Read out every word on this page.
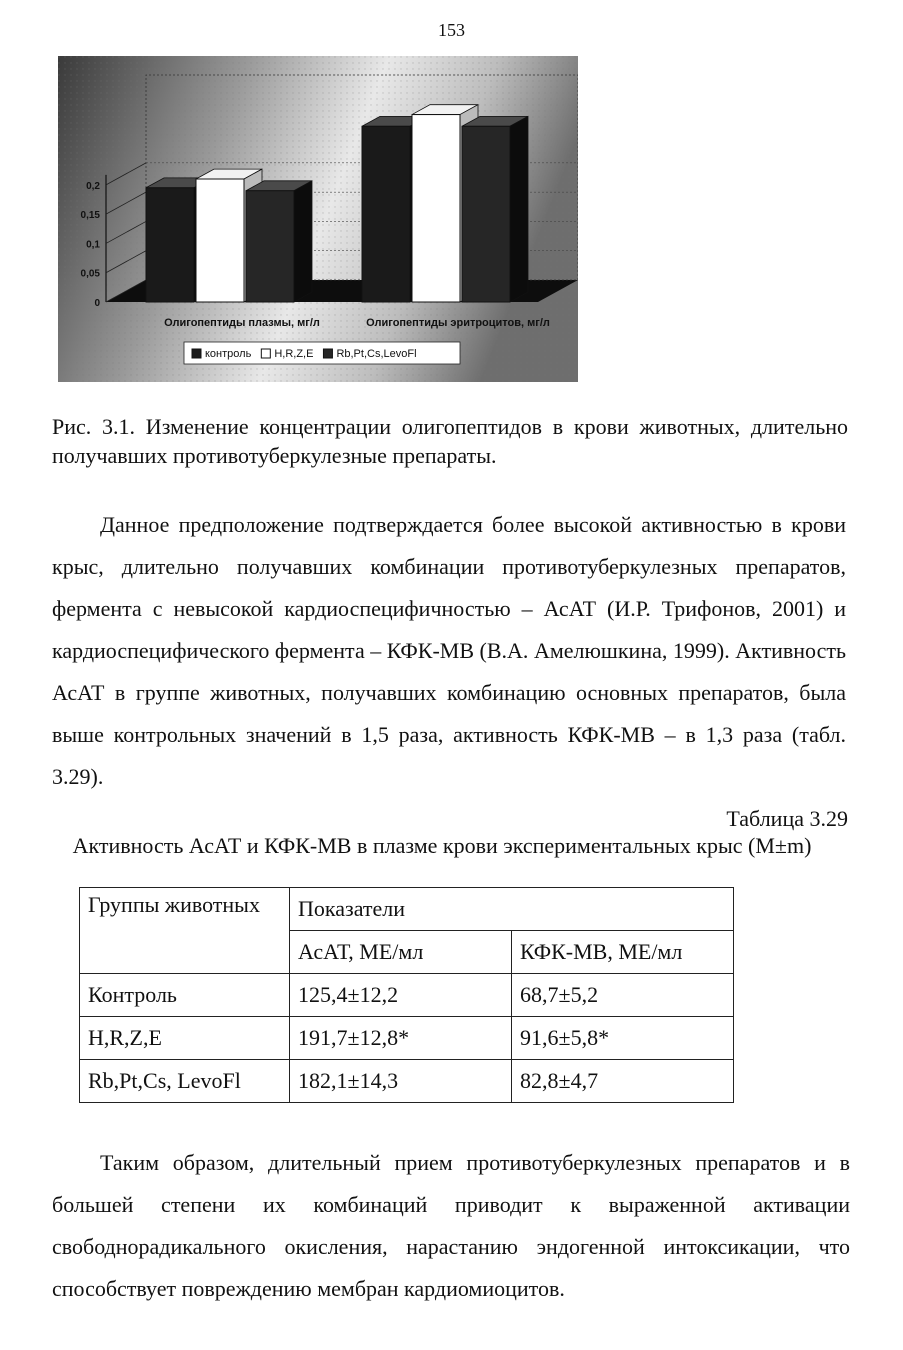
153
0
0,05
0,1
0,15
0,2
Олигопептиды плазмы, мг/л	Олигопептиды эритроцитов, мг/л
контроль H,R,Z,E Rb,Pt,Cs,LevoFl
Рис. 3.1. Изменение концентрации олигопептидов в крови животных, длительно получавших противотуберкулезные препараты.
Данное предположение подтверждается более высокой активностью в крови крыс, длительно получавших комбинации противотуберкулезных препаратов, фермента с невысокой кардиоспецифичностью – АсАТ (И.Р. Трифонов, 2001) и кардиоспецифического фермента – КФК-МВ (В.А. Амелюшкина, 1999). Активность АсАТ в группе животных, получавших комбинацию основных препаратов, была выше контрольных значений в 1,5 раза, активность КФК-МВ – в 1,3 раза (табл. 3.29).
Таблица 3.29
Активность АсАТ и КФК-МВ в плазме крови экспериментальных крыс (М±m)
Группы животных	Показатели	
	АсАТ, МЕ/мл	КФК-МВ, МЕ/мл
Контроль	125,4±12,2	68,7±5,2
H,R,Z,E	191,7±12,8*	91,6±5,8*
Rb,Pt,Cs, LevoFl	182,1±14,3	82,8±4,7
Таким образом, длительный прием противотуберкулезных препаратов и в большей степени их комбинаций приводит к выраженной активации свободнорадикального окисления, нарастанию эндогенной интоксикации, что способствует повреждению мембран кардиомиоцитов.
